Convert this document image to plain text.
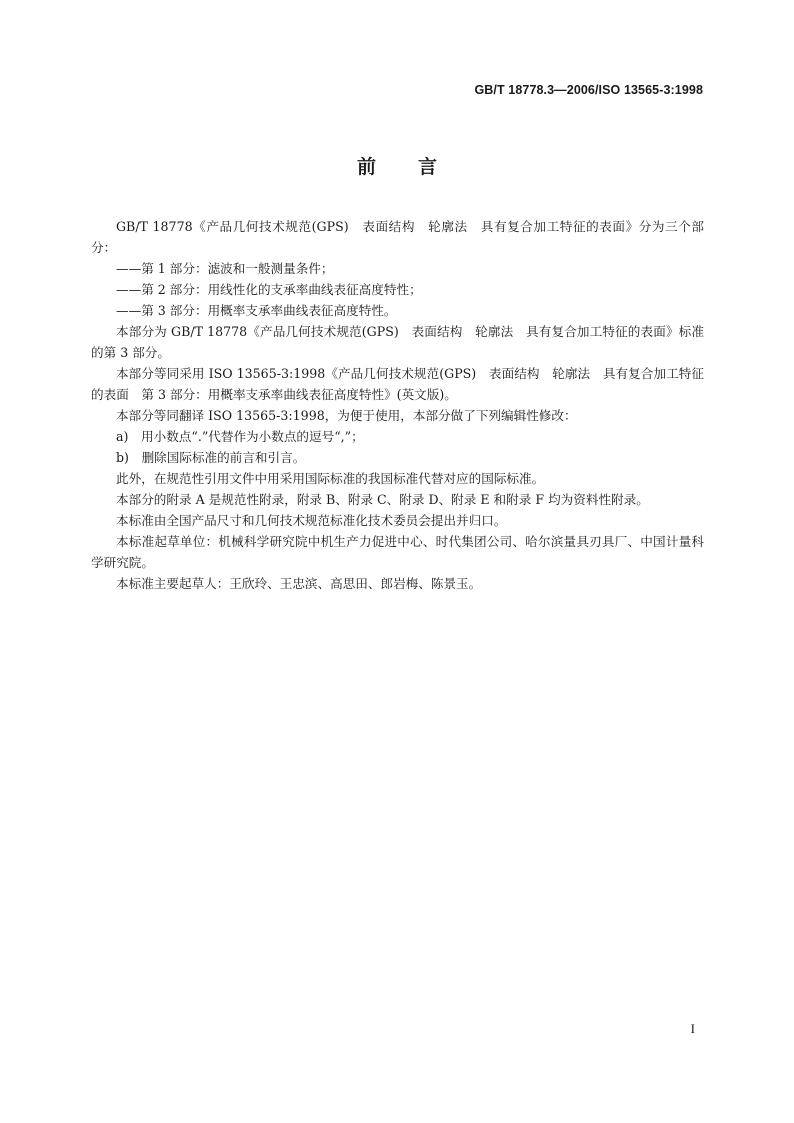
GB/T 18778.3—2006/ISO 13565-3:1998
前言

GB/T 18778《产品几何技术规范(GPS)　表面结构　轮廓法　具有复合加工特征的表面》分为三个部分：

——第 1 部分：滤波和一般测量条件；

——第 2 部分：用线性化的支承率曲线表征高度特性；

——第 3 部分：用概率支承率曲线表征高度特性。

本部分为 GB/T 18778《产品几何技术规范(GPS)　表面结构　轮廓法　具有复合加工特征的表面》标准的第 3 部分。

本部分等同采用 ISO 13565-3:1998《产品几何技术规范(GPS)　表面结构　轮廓法　具有复合加工特征的表面　第 3 部分：用概率支承率曲线表征高度特性》(英文版)。

本部分等同翻译 ISO 13565-3:1998，为便于使用，本部分做了下列编辑性修改：

a)　用小数点“.”代替作为小数点的逗号“,”；

b)　删除国际标准的前言和引言。

此外，在规范性引用文件中用采用国际标准的我国标准代替对应的国际标准。

本部分的附录 A 是规范性附录，附录 B、附录 C、附录 D、附录 E 和附录 F 均为资料性附录。

本标准由全国产品尺寸和几何技术规范标准化技术委员会提出并归口。

本标准起草单位：机械科学研究院中机生产力促进中心、时代集团公司、哈尔滨量具刃具厂、中国计量科学研究院。

本标准主要起草人：王欣玲、王忠滨、高思田、郎岩梅、陈景玉。

I
